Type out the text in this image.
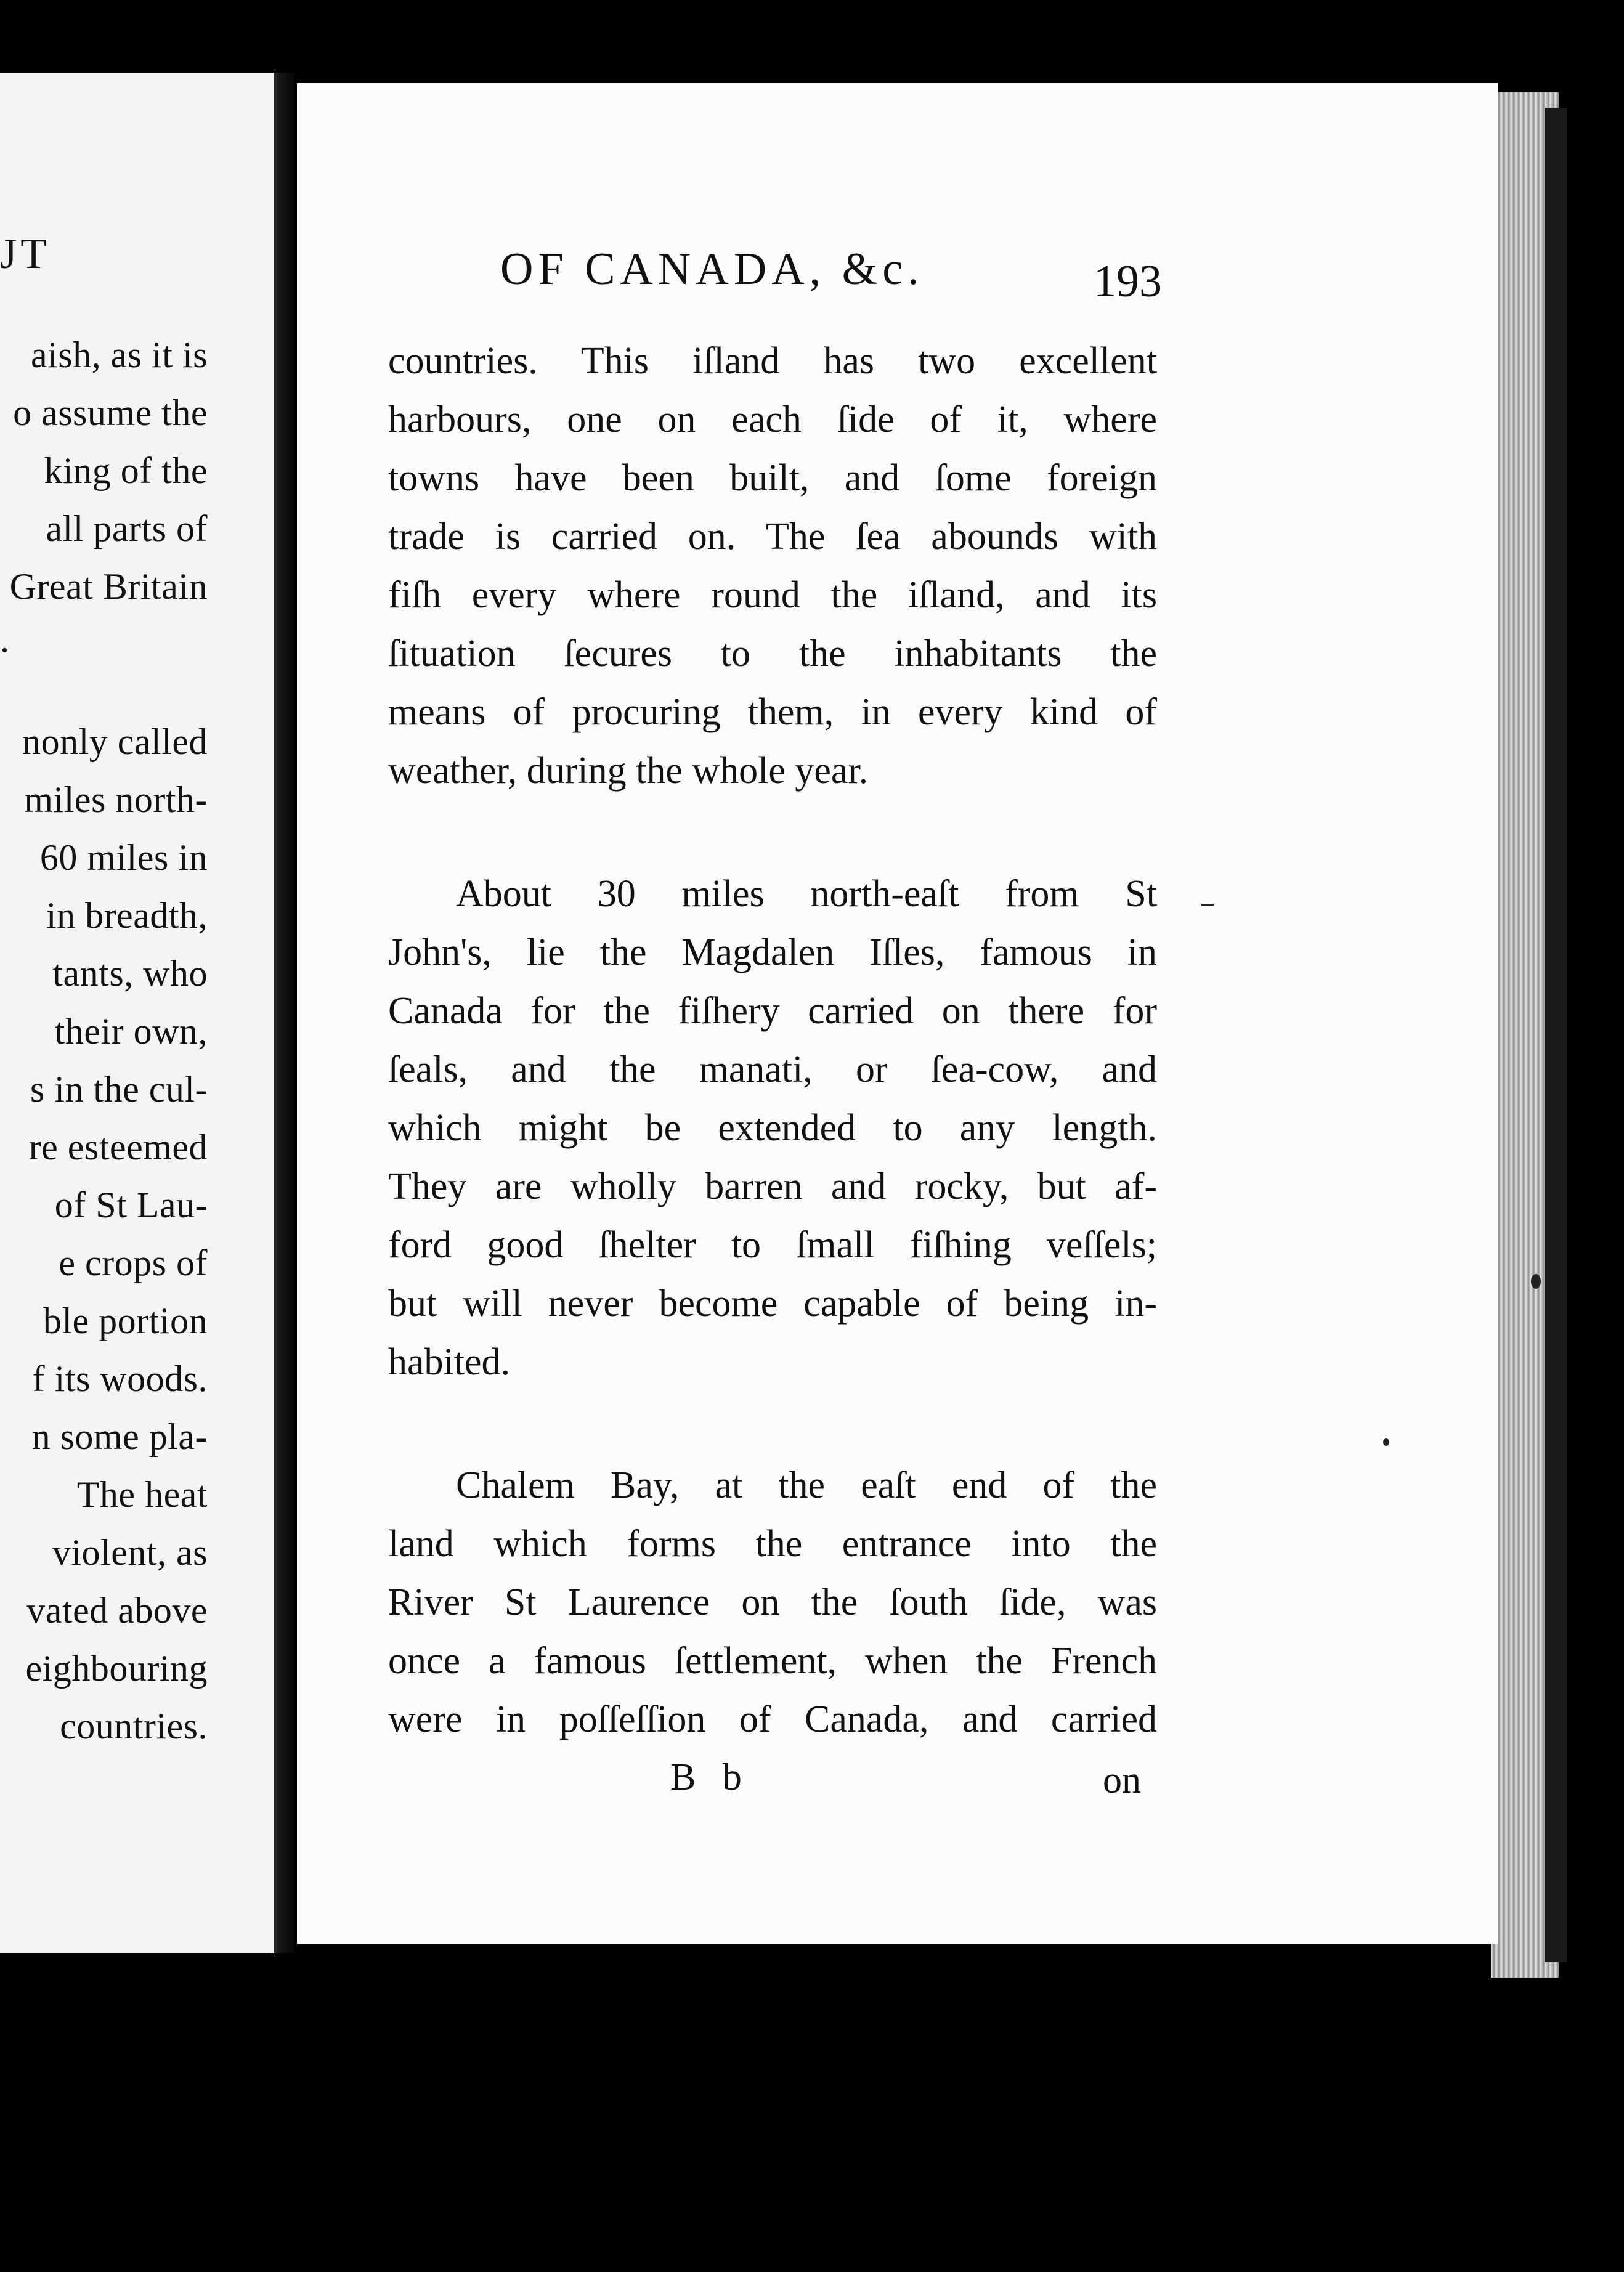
JT
aish, as it is
o assume the
king of the
all parts of
Great Britain
.
nonly called
miles north-
60 miles in
in breadth,
tants, who
their own,
s in the cul-
re esteemed
of St Lau-
e crops of
ble portion
f its woods.
n some pla-
The heat
violent, as
vated above
eighbouring
countries.
OF CANADA, &c.	193
countries. This iſland has two excellent
harbours, one on each ſide of it, where
towns have been built, and ſome foreign
trade is carried on. The ſea abounds with
fiſh every where round the iſland, and its
ſituation ſecures to the inhabitants the
means of procuring them, in every kind of
weather, during the whole year.
About 30 miles north-eaſt from St
John's, lie the Magdalen Iſles, famous in
Canada for the fiſhery carried on there for
ſeals, and the manati, or ſea-cow, and
which might be extended to any length.
They are wholly barren and rocky, but af-
ford good ſhelter to ſmall fiſhing veſſels;
but will never become capable of being in-
habited.
Chalem Bay, at the eaſt end of the
land which forms the entrance into the
River St Laurence on the ſouth ſide, was
once a famous ſettlement, when the French
were in poſſeſſion of Canada, and carried
B b	on
